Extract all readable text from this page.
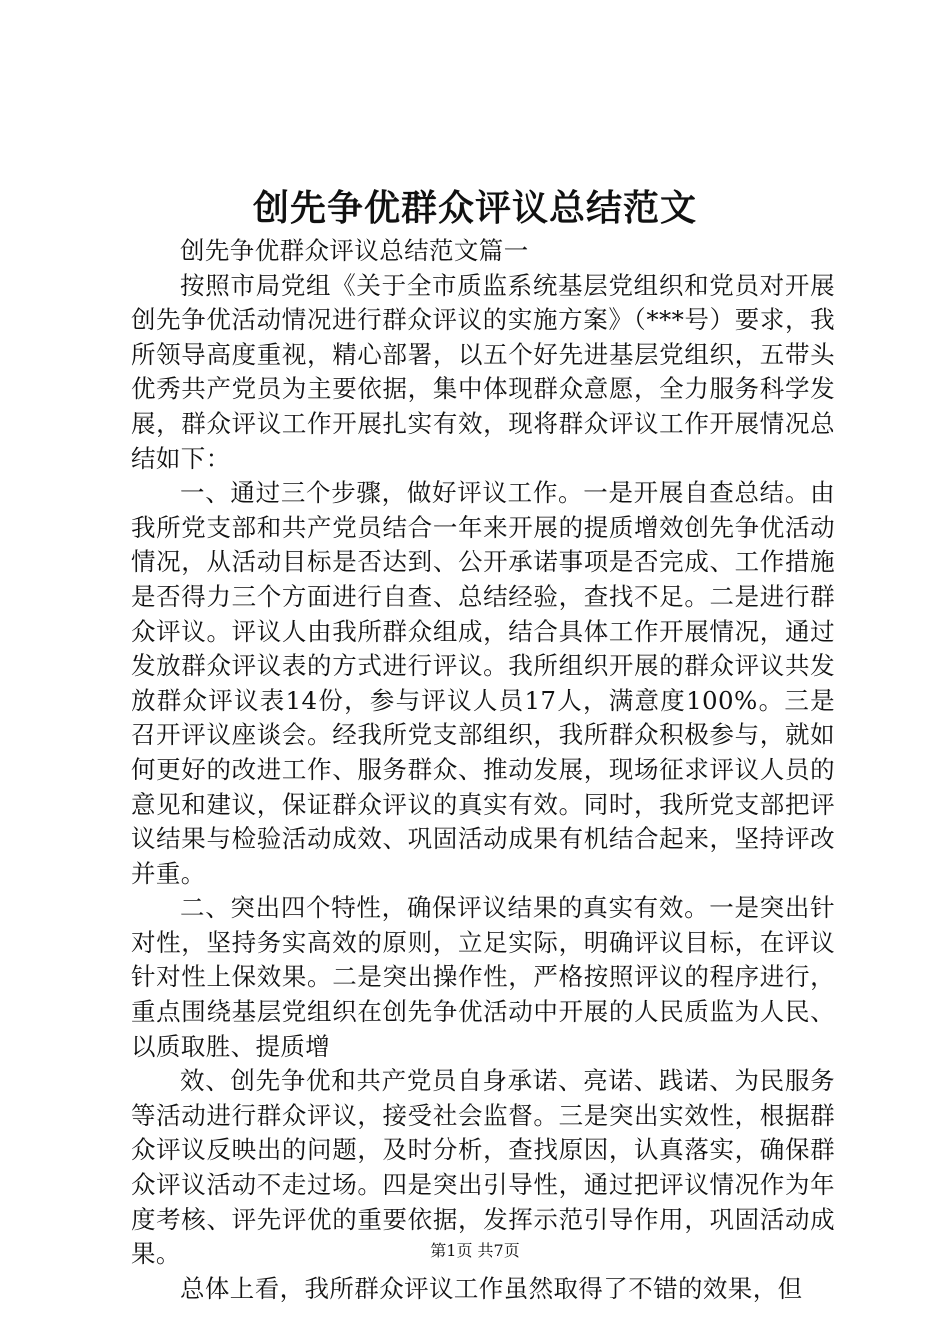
创先争优群众评议总结范文

创先争优群众评议总结范文篇一

按照市局党组《关于全市质监系统基层党组织和党员对开展创先争优活动情况进行群众评议的实施方案》（***号）要求，我所领导高度重视，精心部署，以五个好先进基层党组织，五带头优秀共产党员为主要依据，集中体现群众意愿，全力服务科学发展，群众评议工作开展扎实有效，现将群众评议工作开展情况总结如下：

一、通过三个步骤，做好评议工作。一是开展自查总结。由我所党支部和共产党员结合一年来开展的提质增效创先争优活动情况，从活动目标是否达到、公开承诺事项是否完成、工作措施是否得力三个方面进行自查、总结经验，查找不足。二是进行群众评议。评议人由我所群众组成，结合具体工作开展情况，通过发放群众评议表的方式进行评议。我所组织开展的群众评议共发放群众评议表14份，参与评议人员17人，满意度100%。三是召开评议座谈会。经我所党支部组织，我所群众积极参与，就如何更好的改进工作、服务群众、推动发展，现场征求评议人员的意见和建议，保证群众评议的真实有效。同时，我所党支部把评议结果与检验活动成效、巩固活动成果有机结合起来，坚持评改并重。

二、突出四个特性，确保评议结果的真实有效。一是突出针对性，坚持务实高效的原则，立足实际，明确评议目标，在评议针对性上保效果。二是突出操作性，严格按照评议的程序进行，重点围绕基层党组织在创先争优活动中开展的人民质监为人民、以质取胜、提质增

效、创先争优和共产党员自身承诺、亮诺、践诺、为民服务等活动进行群众评议，接受社会监督。三是突出实效性，根据群众评议反映出的问题，及时分析，查找原因，认真落实，确保群众评议活动不走过场。四是突出引导性，通过把评议情况作为年度考核、评先评优的重要依据，发挥示范引导作用，巩固活动成果。

总体上看，我所群众评议工作虽然取得了不错的效果，但

第1页 共7页
